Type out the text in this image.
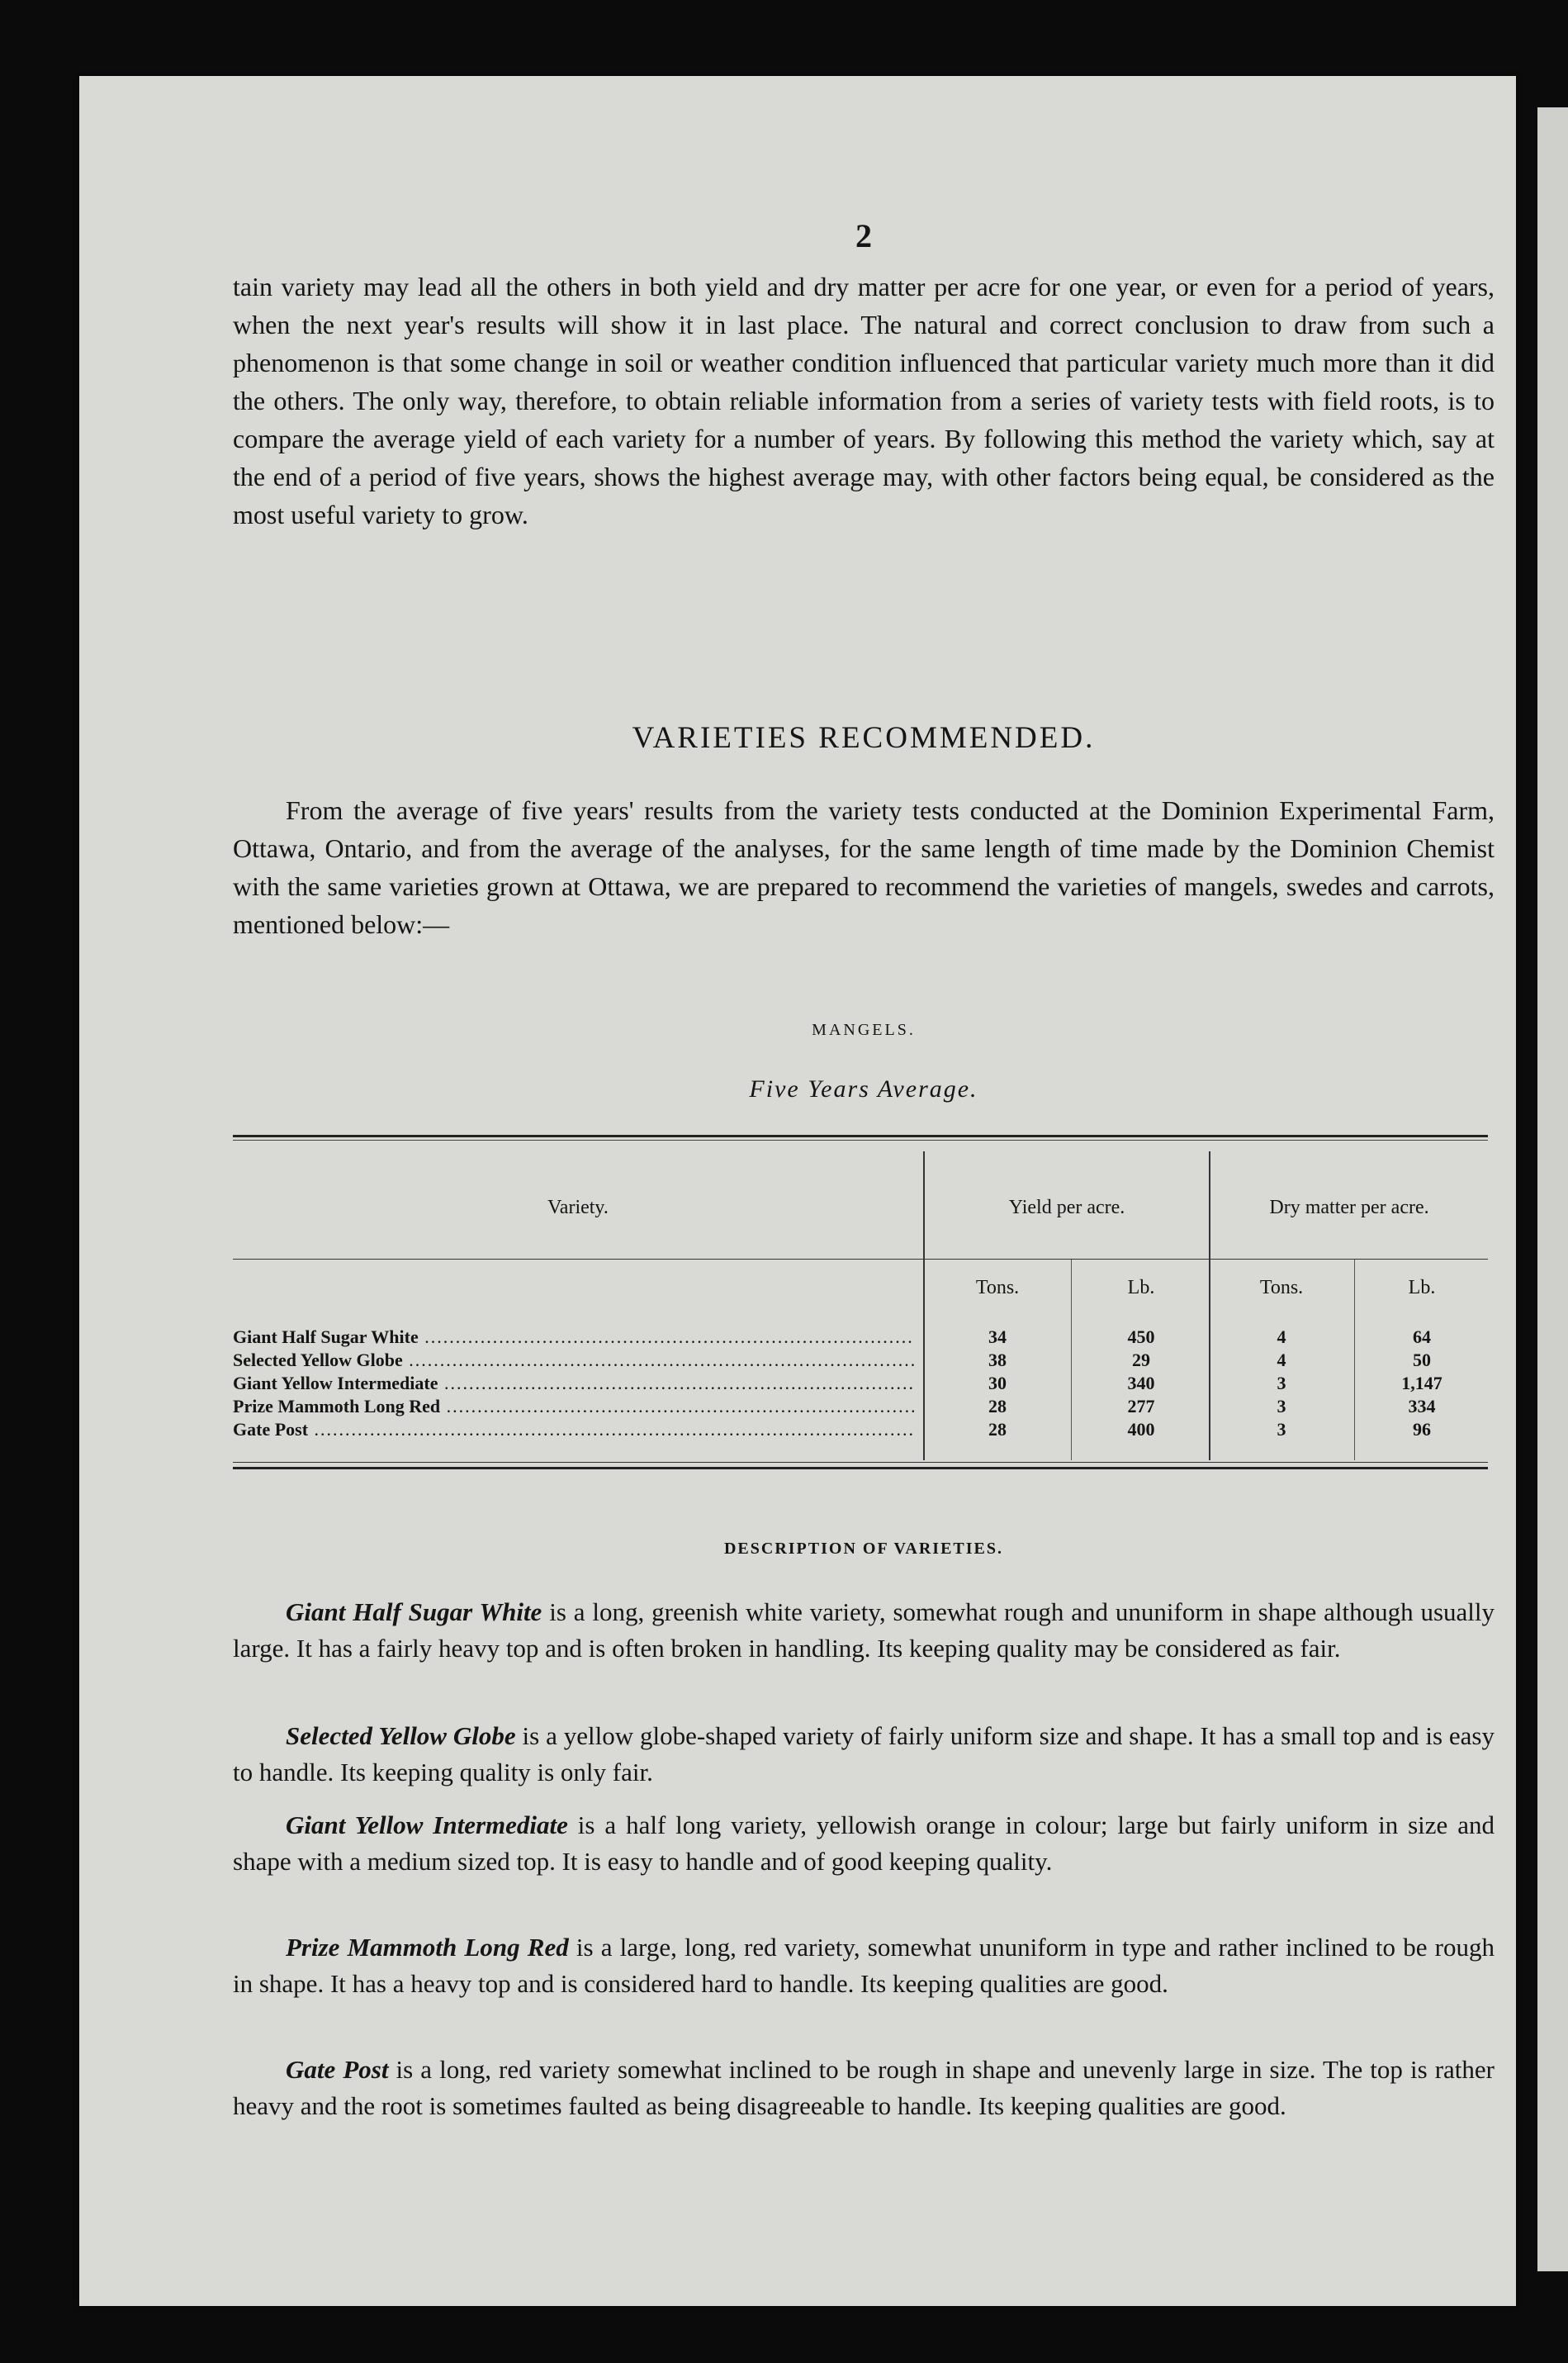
2

tain variety may lead all the others in both yield and dry matter per acre for one year, or even for a period of years, when the next year's results will show it in last place. The natural and correct conclusion to draw from such a phenomenon is that some change in soil or weather condition influenced that particular variety much more than it did the others. The only way, therefore, to obtain reliable information from a series of variety tests with field roots, is to compare the average yield of each variety for a number of years. By following this method the variety which, say at the end of a period of five years, shows the highest average may, with other factors being equal, be considered as the most useful variety to grow.

VARIETIES RECOMMENDED.

From the average of five years' results from the variety tests conducted at the Dominion Experimental Farm, Ottawa, Ontario, and from the average of the analyses, for the same length of time made by the Dominion Chemist with the same varieties grown at Ottawa, we are prepared to recommend the varieties of mangels, swedes and carrots, mentioned below:—

MANGELS.
Five Years Average.
Variety.	Yield per acre.	Dry matter per acre.
Tons.	Lb.	Tons.	Lb.
Giant Half Sugar White .....	34	450	4	64
Selected Yellow Globe .....	38	29	4	50
Giant Yellow Intermediate .....	30	340	3	1,147
Prize Mammoth Long Red .....	28	277	3	334
Gate Post .....	28	400	3	96
DESCRIPTION OF VARIETIES.

Giant Half Sugar White is a long, greenish white variety, somewhat rough and ununiform in shape although usually large. It has a fairly heavy top and is often broken in handling. Its keeping quality may be considered as fair.

Selected Yellow Globe is a yellow globe-shaped variety of fairly uniform size and shape. It has a small top and is easy to handle. Its keeping quality is only fair.

Giant Yellow Intermediate is a half long variety, yellowish orange in colour; large but fairly uniform in size and shape with a medium sized top. It is easy to handle and of good keeping quality.

Prize Mammoth Long Red is a large, long, red variety, somewhat ununiform in type and rather inclined to be rough in shape. It has a heavy top and is considered hard to handle. Its keeping qualities are good.

Gate Post is a long, red variety somewhat inclined to be rough in shape and unevenly large in size. The top is rather heavy and the root is sometimes faulted as being disagreeable to handle. Its keeping qualities are good.
